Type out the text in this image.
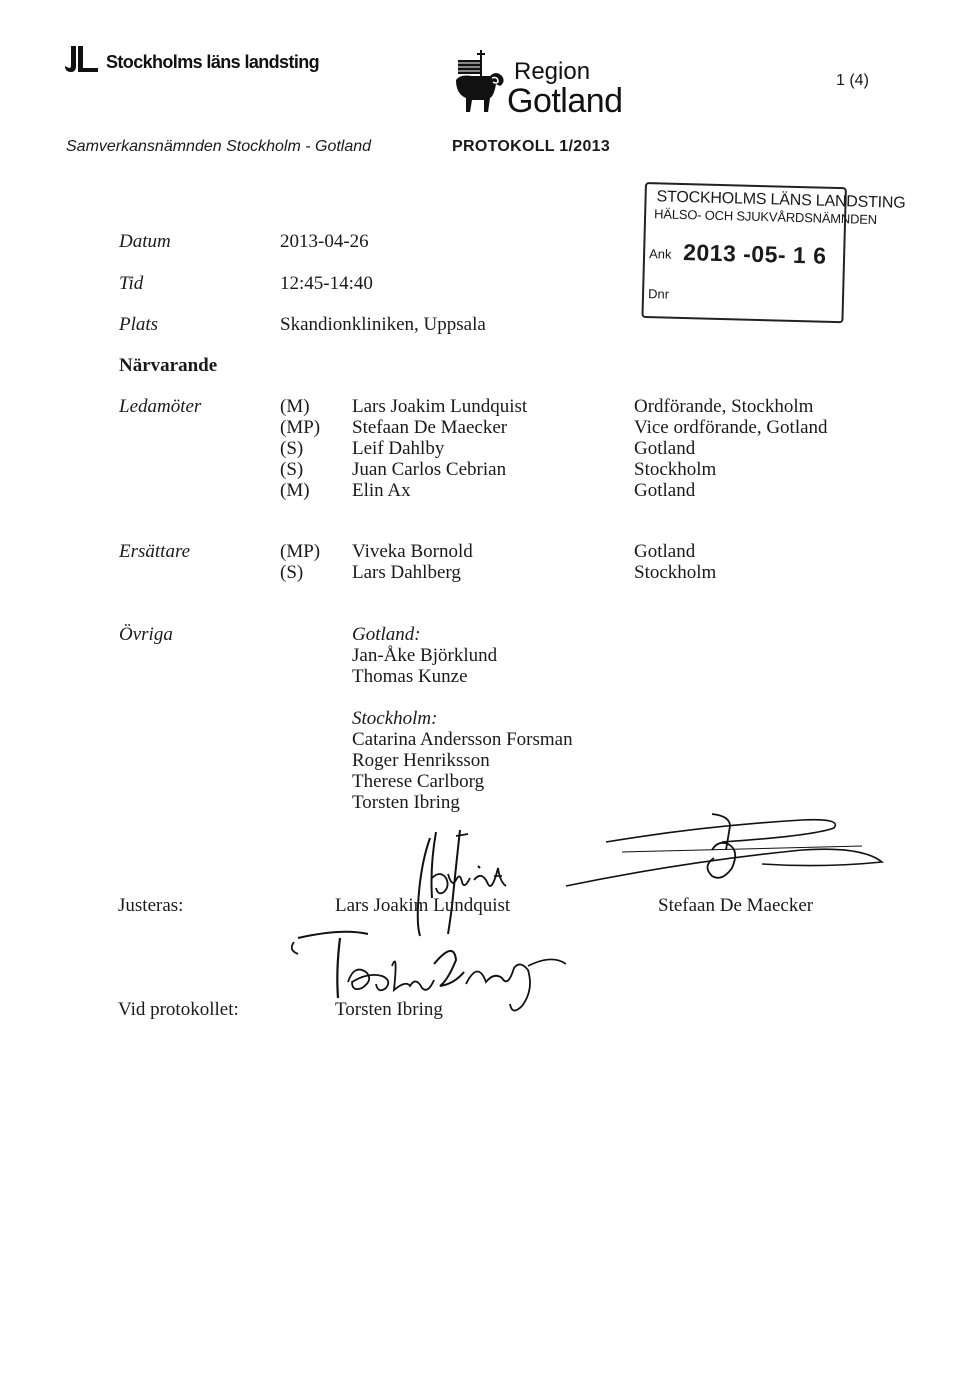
Stockholms läns landsting	Region
Gotland
1 (4)
Samverkansnämnden Stockholm - Gotland	PROTOKOLL 1/2013
STOCKHOLMS LÄNS LANDSTING
HÄLSO- OCH SJUKVÅRDSNÄMNDEN
Ank 2013 -05- 1 6
Dnr
Datum	2013-04-26
Tid	12:45-14:40
Plats	Skandionkliniken, Uppsala
Närvarande
Ledamöter	(M) Lars Joakim Lundquist	Ordförande, Stockholm
(MP) Stefaan De Maecker	Vice ordförande, Gotland
(S)	Leif Dahlby	Gotland
(S)	Juan Carlos Cebrian	Stockholm
(M) Elin Ax	Gotland
Ersättare	(MP) Viveka Bornold	Gotland
(S)	Lars Dahlberg	Stockholm
Övriga	Gotland:
Jan-Åke Björklund
Thomas Kunze
Stockholm:
Catarina Andersson Forsman
Roger Henriksson
Therese Carlborg
Torsten Ibring
Justeras:	Lars Joakim Lundquist	Stefaan De Maecker
Vid protokollet:	Torsten Ibring
